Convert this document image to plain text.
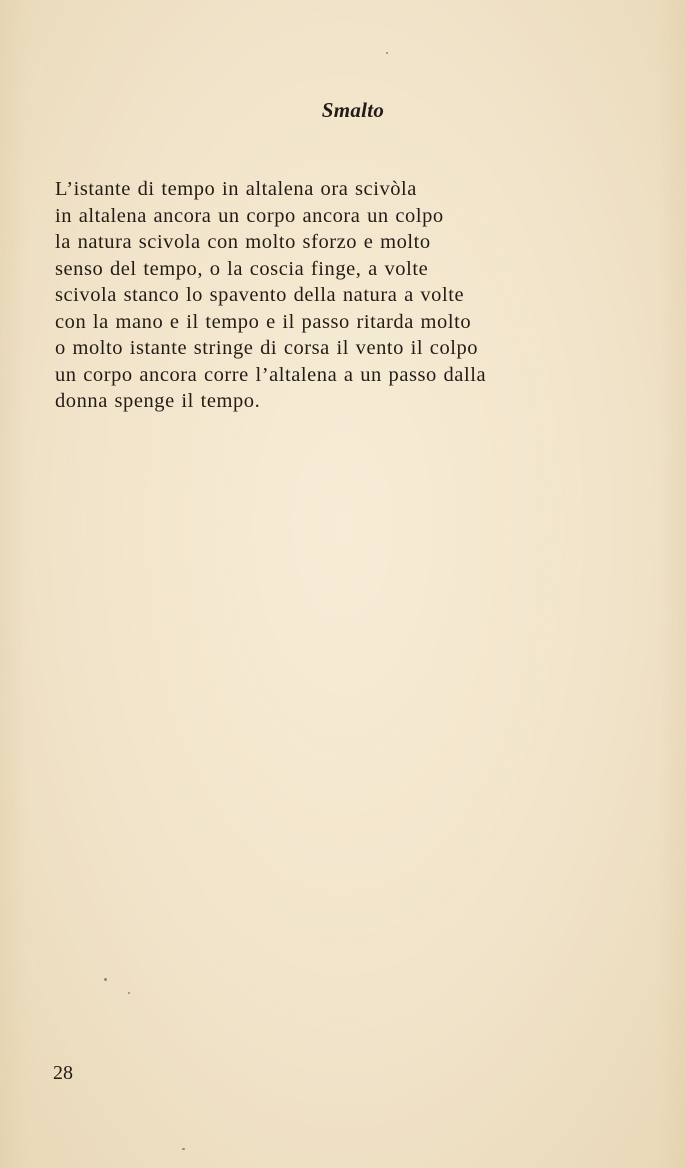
Smalto
L’istante di tempo in altalena ora scivòla
in altalena ancora un corpo ancora un colpo
la natura scivola con molto sforzo e molto
senso del tempo, o la coscia finge, a volte
scivola stanco lo spavento della natura a volte
con la mano e il tempo e il passo ritarda molto
o molto istante stringe di corsa il vento il colpo
un corpo ancora corre l’altalena a un passo dalla
donna spenge il tempo.
28
